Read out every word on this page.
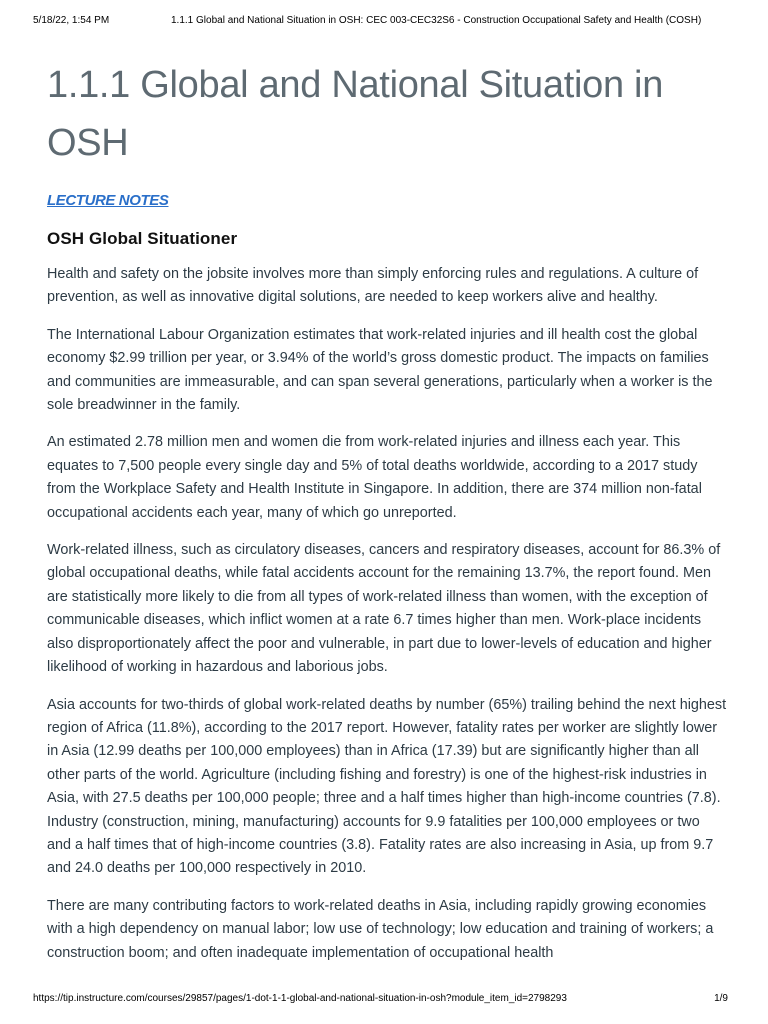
5/18/22, 1:54 PM	1.1.1 Global and National Situation in OSH: CEC 003-CEC32S6 - Construction Occupational Safety and Health (COSH)
1.1.1 Global and National Situation in
OSH
LECTURE NOTES
OSH Global Situationer

Health and safety on the jobsite involves more than simply enforcing rules and regulations. A culture of prevention, as well as innovative digital solutions, are needed to keep workers alive and healthy.

The International Labour Organization estimates that work-related injuries and ill health cost the global economy $2.99 trillion per year, or 3.94% of the world’s gross domestic product. The impacts on families and communities are immeasurable, and can span several generations, particularly when a worker is the sole breadwinner in the family.

An estimated 2.78 million men and women die from work-related injuries and illness each year. This equates to 7,500 people every single day and 5% of total deaths worldwide, according to a 2017 study from the Workplace Safety and Health Institute in Singapore. In addition, there are 374 million non-fatal occupational accidents each year, many of which go unreported.

Work-related illness, such as circulatory diseases, cancers and respiratory diseases, account for 86.3% of global occupational deaths, while fatal accidents account for the remaining 13.7%, the report found. Men are statistically more likely to die from all types of work-related illness than women, with the exception of communicable diseases, which inflict women at a rate 6.7 times higher than men. Work-place incidents also disproportionately affect the poor and vulnerable, in part due to lower-levels of education and higher likelihood of working in hazardous and laborious jobs.

Asia accounts for two-thirds of global work-related deaths by number (65%) trailing behind the next highest region of Africa (11.8%), according to the 2017 report. However, fatality rates per worker are slightly lower in Asia (12.99 deaths per 100,000 employees) than in Africa (17.39) but are significantly higher than all other parts of the world. Agriculture (including fishing and forestry) is one of the highest-risk industries in Asia, with 27.5 deaths per 100,000 people; three and a half times higher than high-income countries (7.8). Industry (construction, mining, manufacturing) accounts for 9.9 fatalities per 100,000 employees or two and a half times that of high-income countries (3.8). Fatality rates are also increasing in Asia, up from 9.7 and 24.0 deaths per 100,000 respectively in 2010.

There are many contributing factors to work-related deaths in Asia, including rapidly growing economies with a high dependency on manual labor; low use of technology; low education and training of workers; a construction boom; and often inadequate implementation of occupational health

https://tip.instructure.com/courses/29857/pages/1-dot-1-1-global-and-national-situation-in-osh?module_item_id=2798293	1/9
